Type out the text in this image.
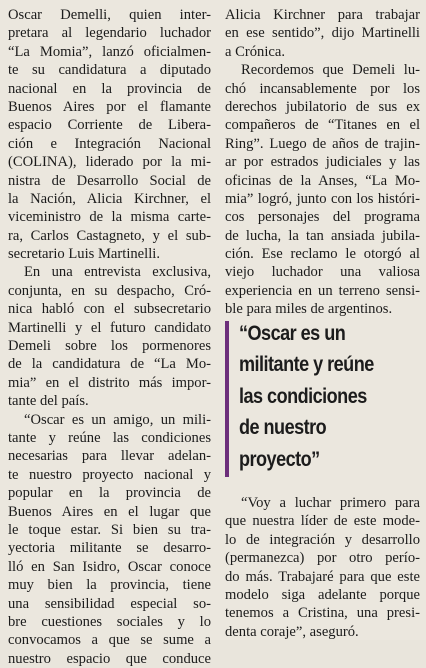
Oscar Demelli, quien inter-
pretara al legendario luchador
“La Momia”, lanzó oficialmen-
te su candidatura a diputado
nacional en la provincia de
Buenos Aires por el flamante
espacio Corriente de Libera-
ción e Integración Nacional
(COLINA), liderado por la mi-
nistra de Desarrollo Social de
la Nación, Alicia Kirchner, el
viceministro de la misma carte-
ra, Carlos Castagneto, y el sub-
secretario Luis Martinelli.
En una entrevista exclusiva,
conjunta, en su despacho, Cró-
nica habló con el subsecretario
Martinelli y el futuro candidato
Demeli sobre los pormenores
de la candidatura de “La Mo-
mia” en el distrito más impor-
tante del país.
“Oscar es un amigo, un mili-
tante y reúne las condiciones
necesarias para llevar adelan-
te nuestro proyecto nacional y
popular en la provincia de
Buenos Aires en el lugar que
le toque estar. Si bien su tra-
yectoria militante se desarro-
lló en San Isidro, Oscar conoce
muy bien la provincia, tiene
una sensibilidad especial so-
bre cuestiones sociales y lo
convocamos a que se sume a
nuestro espacio que conduce
Alicia Kirchner para trabajar
en ese sentido”, dijo Martinelli
a Crónica.
Recordemos que Demeli lu-
chó incansablemente por los
derechos jubilatorio de sus ex
compañeros de “Titanes en el
Ring”. Luego de años de trajin-
ar por estrados judiciales y las
oficinas de la Anses, “La Mo-
mia” logró, junto con los históri-
cos personajes del programa
de lucha, la tan ansiada jubila-
ción. Ese reclamo le otorgó al
viejo luchador una valiosa
experiencia en un terreno sensi-
ble para miles de argentinos.
“Oscar es un
militante y reúne
las condiciones
de nuestro
proyecto”
“Voy a luchar primero para
que nuestra líder de este mode-
lo de integración y desarrollo
(permanezca) por otro perío-
do más. Trabajaré para que este
modelo siga adelante porque
tenemos a Cristina, una presi-
denta coraje”, aseguró.
